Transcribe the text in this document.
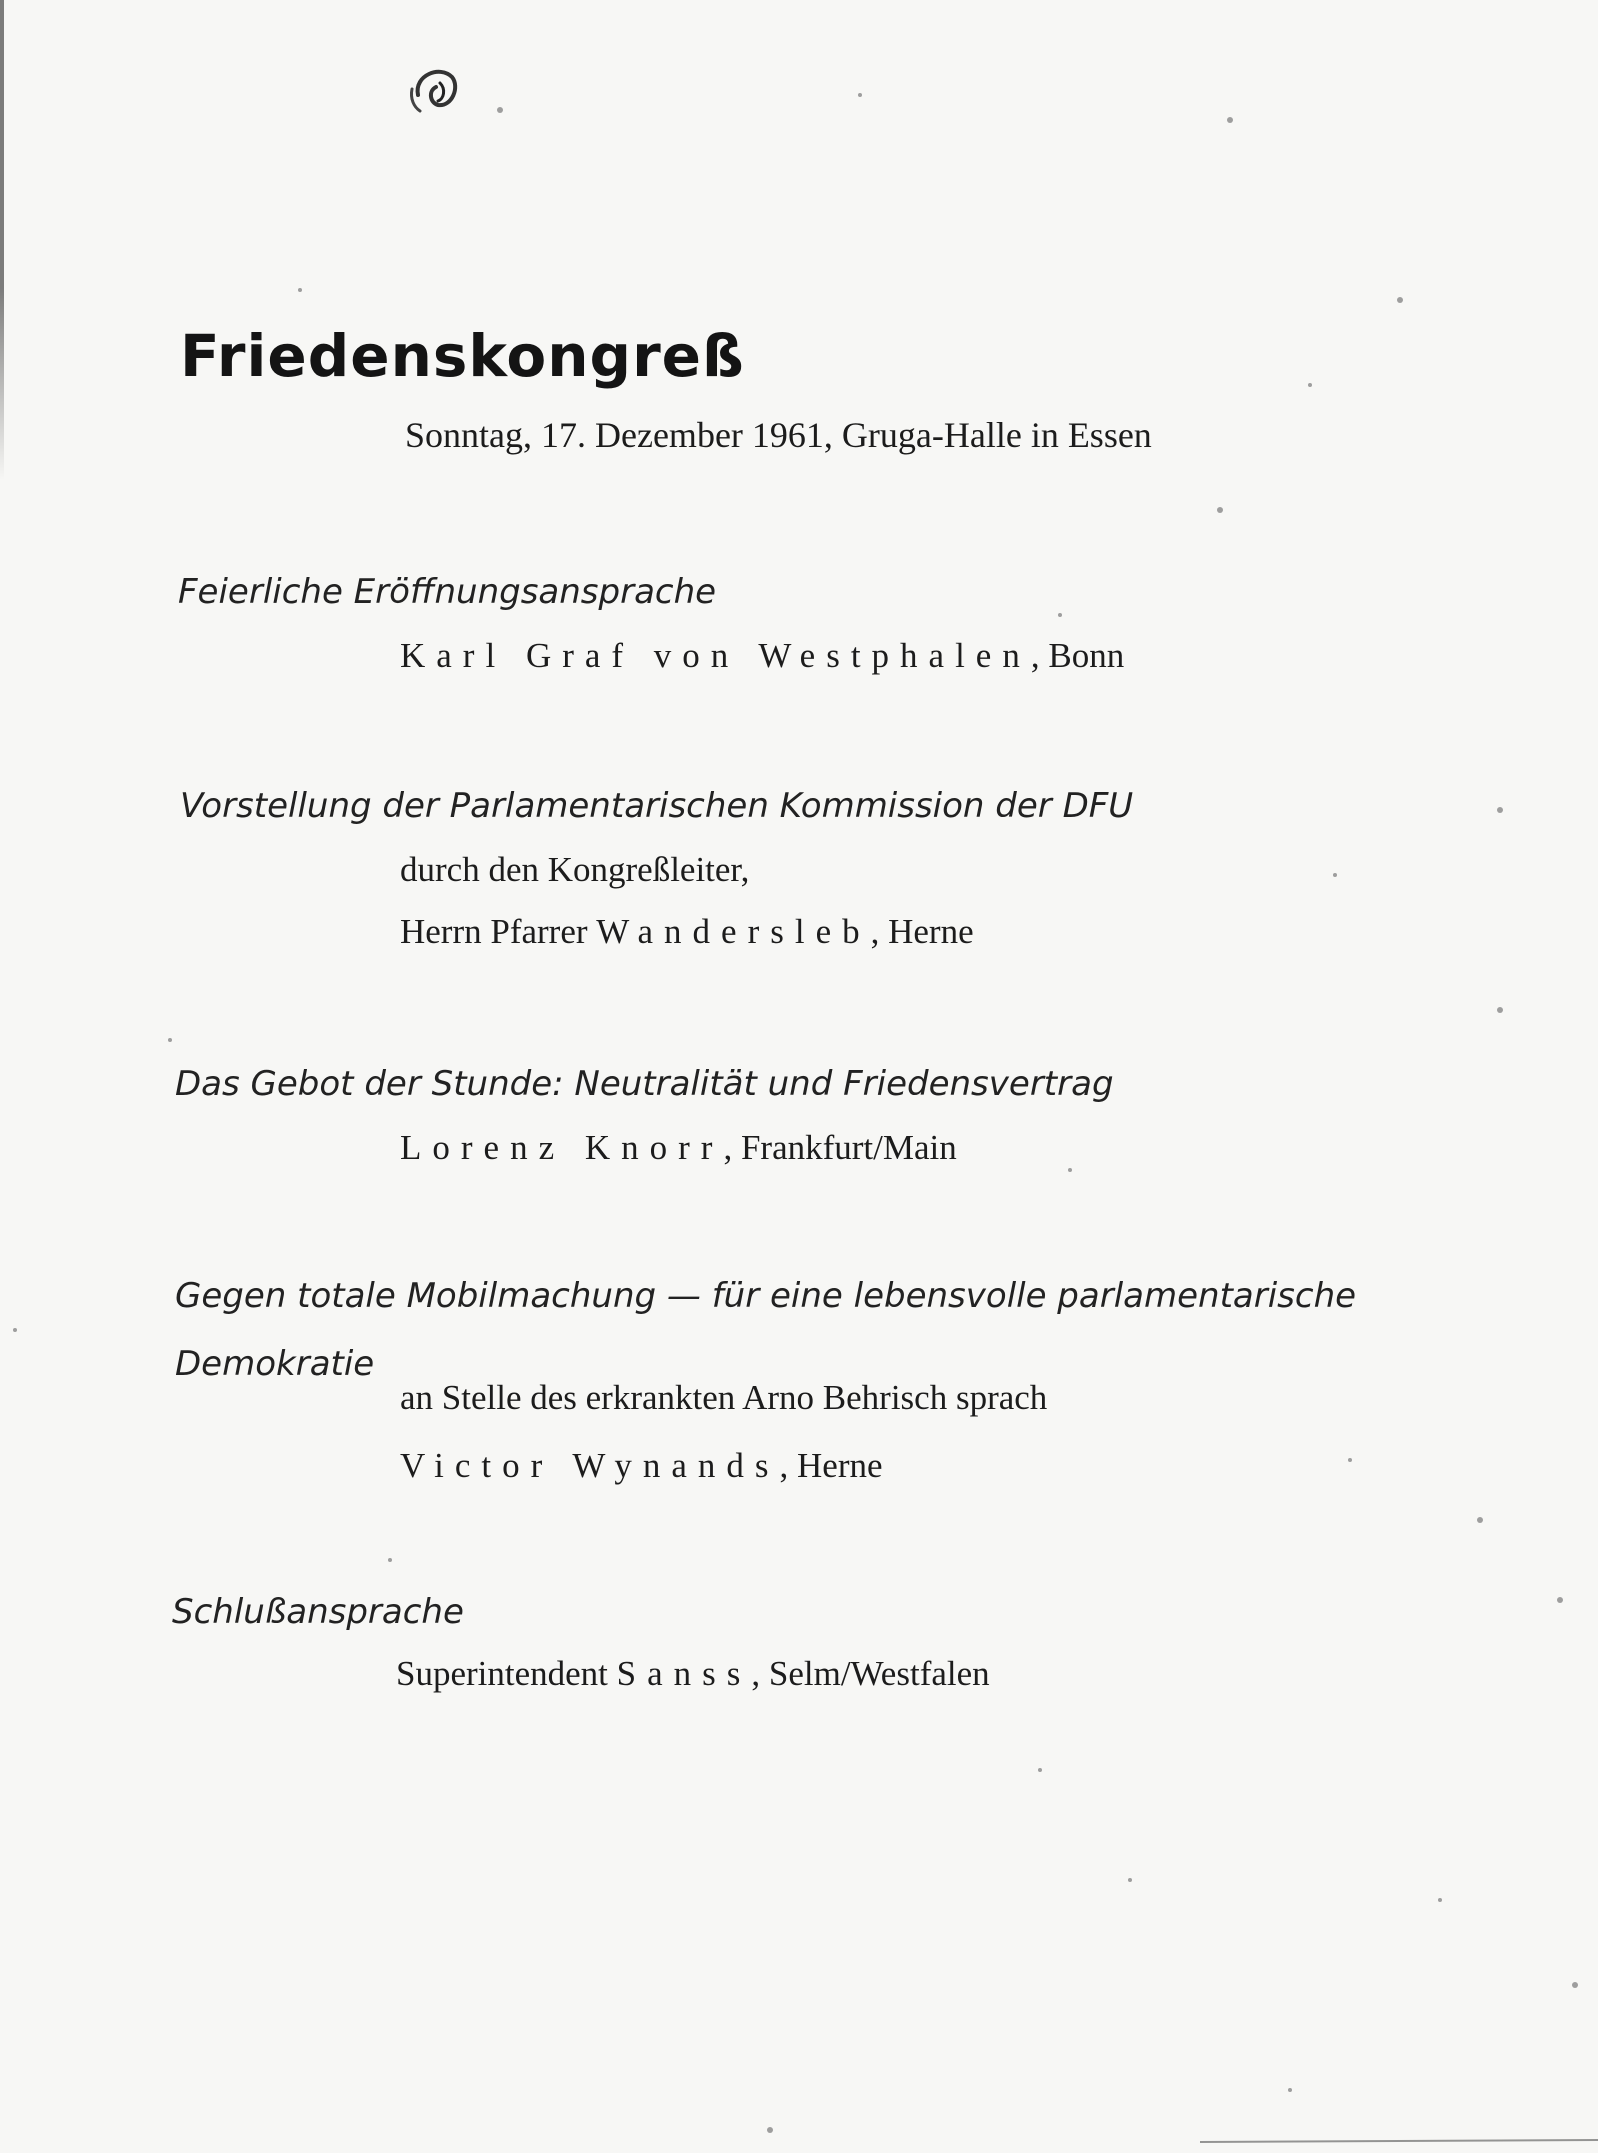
Friedenskongreß
Sonntag, 17. Dezember 1961, Gruga-Halle in Essen
Feierliche Eröffnungsansprache
Karl Graf von Westphalen, Bonn
Vorstellung der Parlamentarischen Kommission der DFU
durch den Kongreßleiter,
Herrn Pfarrer Wandersleb, Herne
Das Gebot der Stunde: Neutralität und Friedensvertrag
Lorenz Knorr, Frankfurt/Main
Gegen totale Mobilmachung — für eine lebensvolle parlamentarische
Demokratie
an Stelle des erkrankten Arno Behrisch sprach
Victor Wynands, Herne
Schlußansprache
Superintendent Sanss, Selm/Westfalen
